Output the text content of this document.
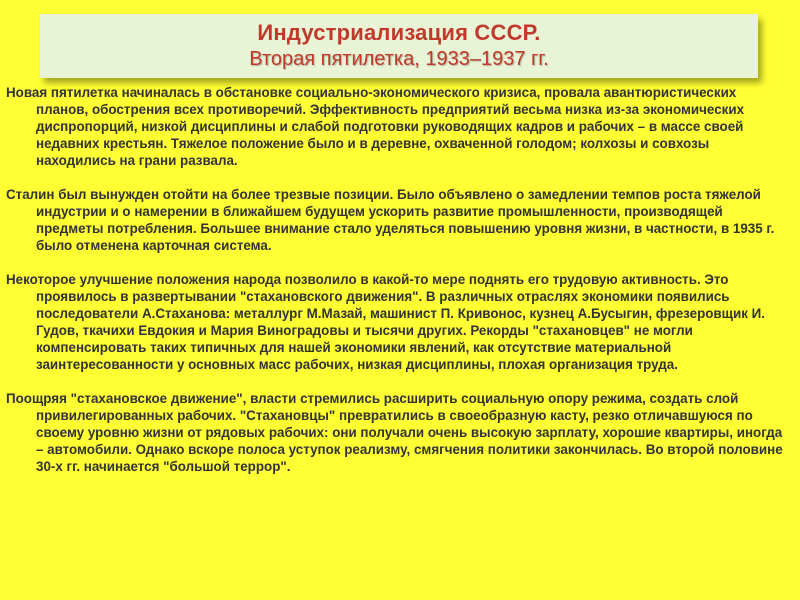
Индустриализация СССР.
Вторая пятилетка, 1933–1937 гг.

Новая пятилетка начиналась в обстановке социально-экономического кризиса, провала авантюристических планов, обострения всех противоречий. Эффективность предприятий весьма низка из-за экономических диспропорций, низкой дисциплины и слабой подготовки руководящих кадров и рабочих – в массе своей недавних крестьян. Тяжелое положение было и в деревне, охваченной голодом; колхозы и совхозы находились на грани развала.

Сталин был вынужден отойти на более трезвые позиции. Было объявлено о замедлении темпов роста тяжелой индустрии и о намерении в ближайшем будущем ускорить развитие промышленности, производящей предметы потребления. Большее внимание стало уделяться повышению уровня жизни, в частности, в 1935 г. было отменена карточная система.

Некоторое улучшение положения народа позволило в какой-то мере поднять его трудовую активность. Это проявилось в развертывании "стахановского движения". В различных отраслях экономики появились последователи А.Стаханова: металлург М.Мазай, машинист П. Кривонос, кузнец А.Бусыгин, фрезеровщик И. Гудов, ткачихи Евдокия и Мария Виноградовы и тысячи других. Рекорды "стахановцев" не могли компенсировать таких типичных для нашей экономики явлений, как отсутствие материальной заинтересованности у основных масс рабочих, низкая дисциплины, плохая организация труда.

Поощряя "стахановское движение", власти стремились расширить социальную опору режима, создать слой привилегированных рабочих. "Стахановцы" превратились в своеобразную касту, резко отличавшуюся по своему уровню жизни от рядовых рабочих: они получали очень высокую зарплату, хорошие квартиры, иногда – автомобили. Однако вскоре полоса уступок реализму, смягчения политики закончилась. Во второй половине 30-х гг. начинается "большой террор".
